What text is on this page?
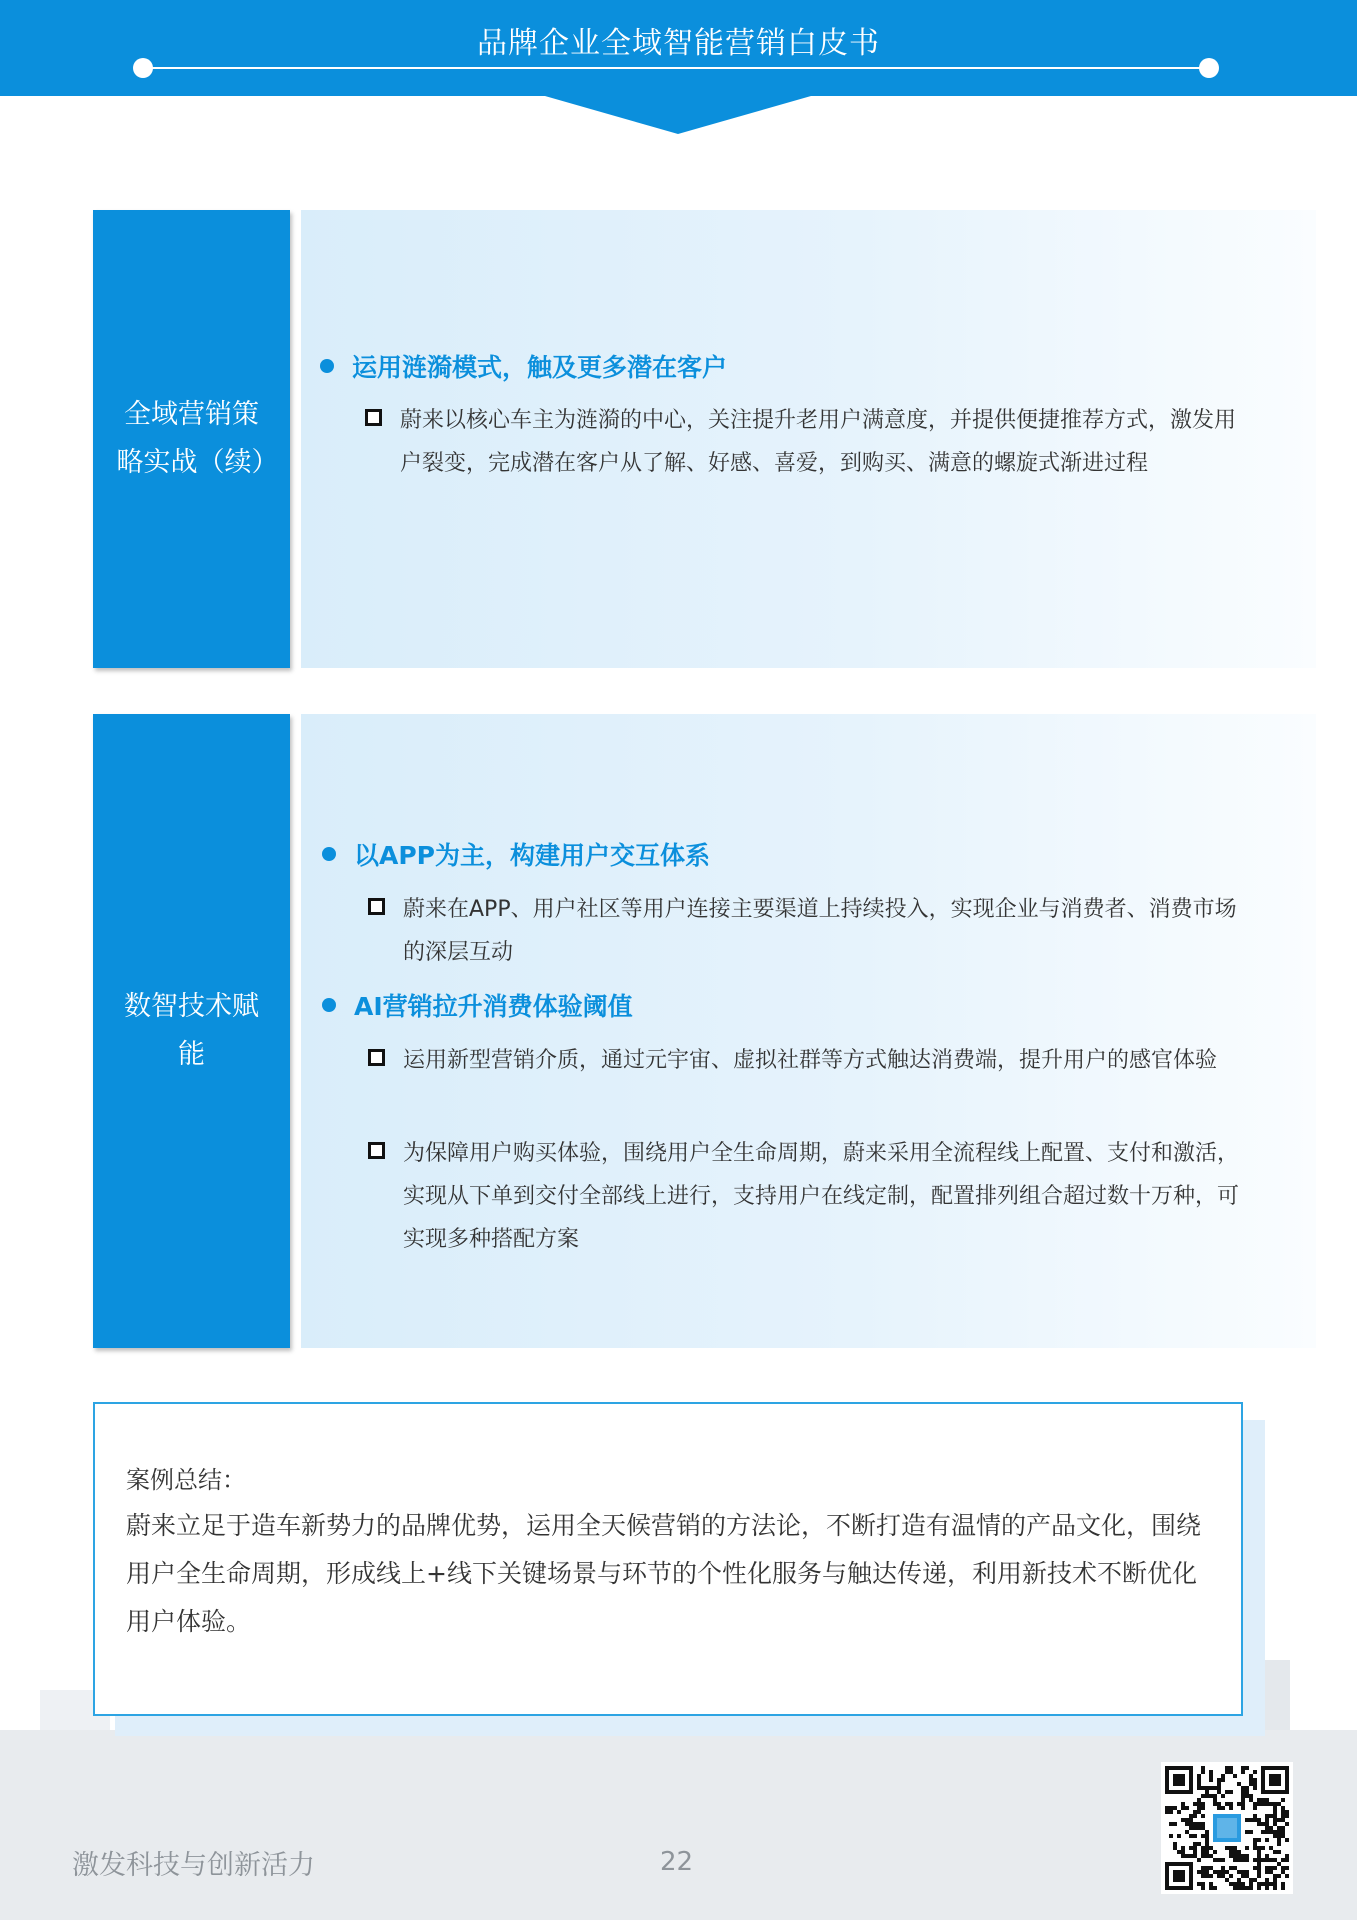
品牌企业全域智能营销白皮书
全域营销策略实战（续）
运用涟漪模式，触及更多潜在客户
蔚来以核心车主为涟漪的中心，关注提升老用户满意度，并提供便捷推荐方式，激发用户裂变，完成潜在客户从了解、好感、喜爱，到购买、满意的螺旋式渐进过程
数智技术赋能
以APP为主，构建用户交互体系
蔚来在APP、用户社区等用户连接主要渠道上持续投入，实现企业与消费者、消费市场的深层互动
AI营销拉升消费体验阈值
运用新型营销介质，通过元宇宙、虚拟社群等方式触达消费端，提升用户的感官体验
为保障用户购买体验，围绕用户全生命周期，蔚来采用全流程线上配置、支付和激活，实现从下单到交付全部线上进行，支持用户在线定制，配置排列组合超过数十万种，可实现多种搭配方案
案例总结：
蔚来立足于造车新势力的品牌优势，运用全天候营销的方法论，不断打造有温情的产品文化，围绕用户全生命周期，形成线上+线下关键场景与环节的个性化服务与触达传递，利用新技术不断优化用户体验。
激发科技与创新活力	22
